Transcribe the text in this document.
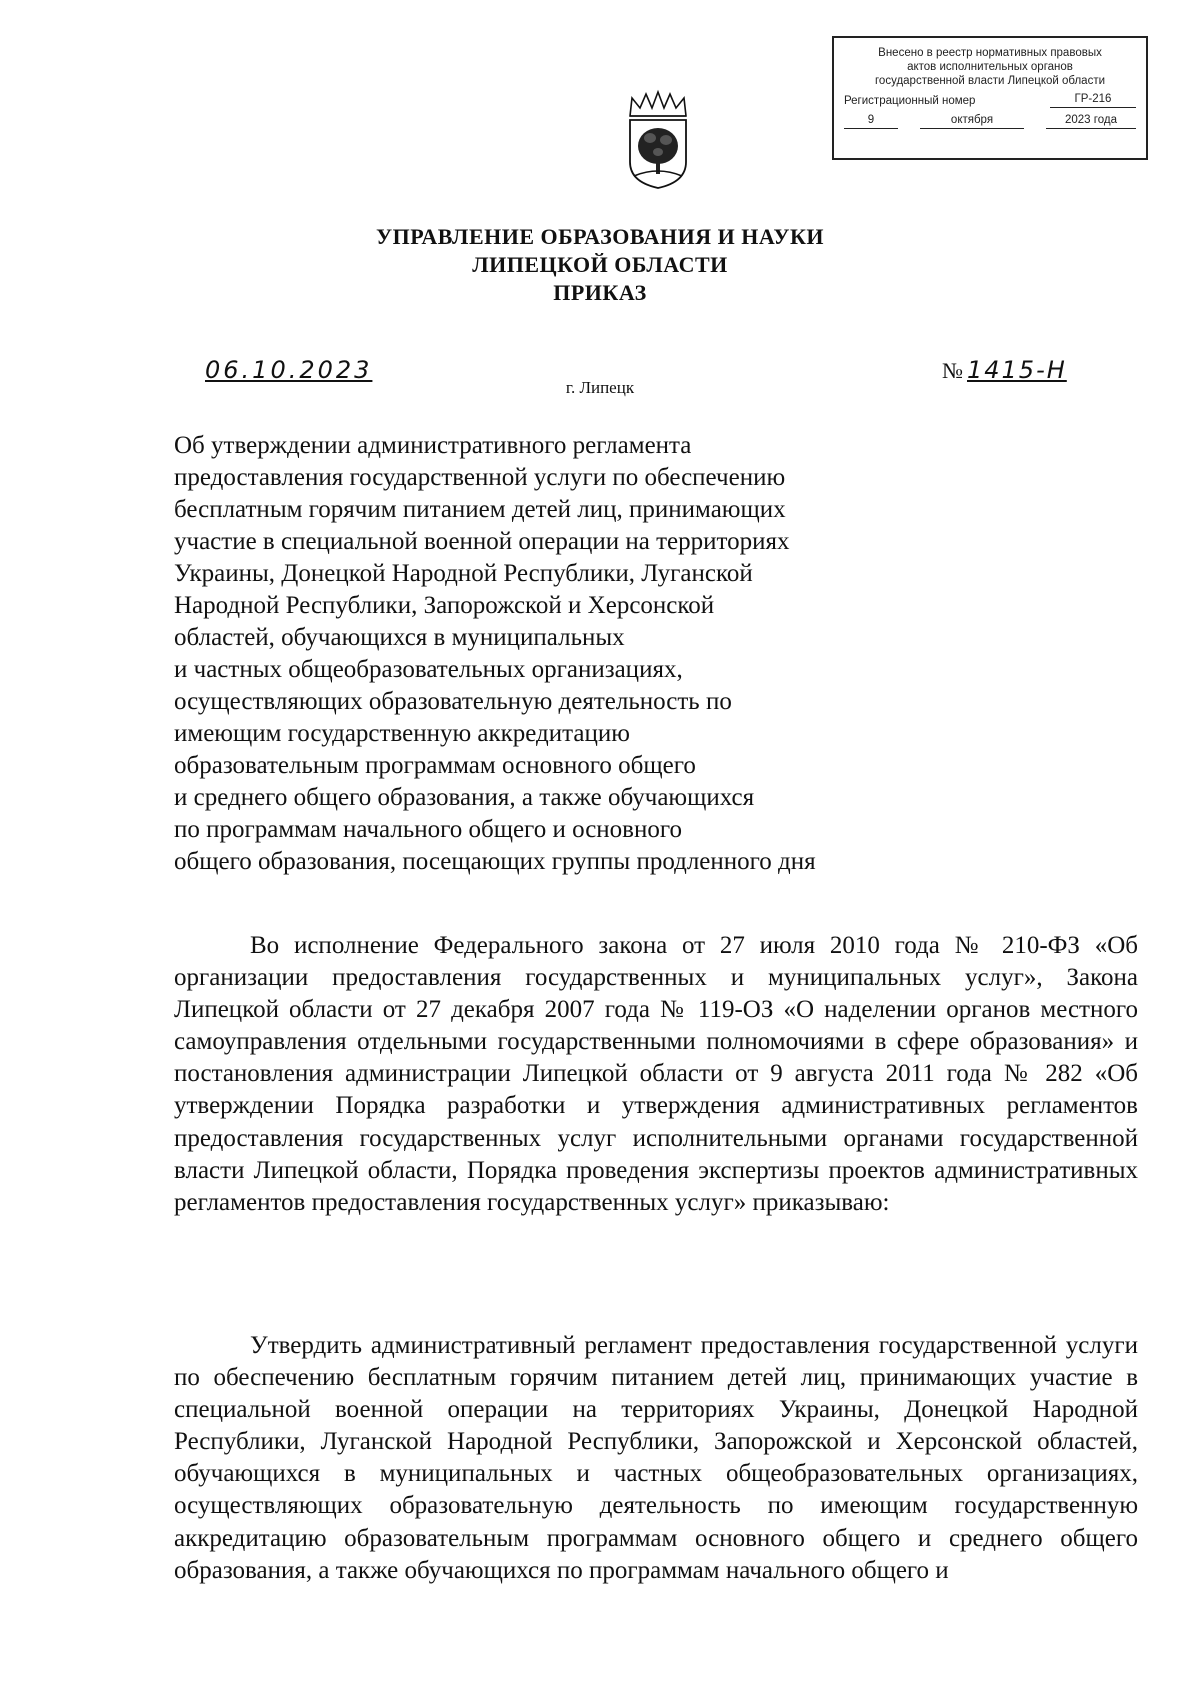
Внесено в реестр нормативных правовых
актов исполнительных органов
государственной власти Липецкой области
Регистрационный номер	ГР-216
9	октября	2023 года
УПРАВЛЕНИЕ ОБРАЗОВАНИЯ И НАУКИ
ЛИПЕЦКОЙ ОБЛАСТИ
ПРИКАЗ
06.10.2023	№ 1415-Н
г. Липецк
Об утверждении административного регламента
предоставления государственной услуги по обеспечению
бесплатным горячим питанием детей лиц, принимающих
участие в специальной военной операции на территориях
Украины, Донецкой Народной Республики, Луганской
Народной Республики, Запорожской и Херсонской
областей, обучающихся в муниципальных
и частных общеобразовательных организациях,
осуществляющих образовательную деятельность по
имеющим государственную аккредитацию
образовательным программам основного общего
и среднего общего образования, а также обучающихся
по программам начального общего и основного
общего образования, посещающих группы продленного дня
Во исполнение Федерального закона от 27 июля 2010 года № 210-ФЗ «Об организации предоставления государственных и муниципальных услуг», Закона Липецкой области от 27 декабря 2007 года № 119-ОЗ «О наделении органов местного самоуправления отдельными государственными полномочиями в сфере образования» и постановления администрации Липецкой области от 9 августа 2011 года № 282 «Об утверждении Порядка разработки и утверждения административных регламентов предоставления государственных услуг исполнительными органами государственной власти Липецкой области, Порядка проведения экспертизы проектов административных регламентов предоставления государственных услуг» приказываю:
Утвердить административный регламент предоставления государственной услуги по обеспечению бесплатным горячим питанием детей лиц, принимающих участие в специальной военной операции на территориях Украины, Донецкой Народной Республики, Луганской Народной Республики, Запорожской и Херсонской областей, обучающихся в муниципальных и частных общеобразовательных организациях, осуществляющих образовательную деятельность по имеющим государственную аккредитацию образовательным программам основного общего и среднего общего образования, а также обучающихся по программам начального общего и
